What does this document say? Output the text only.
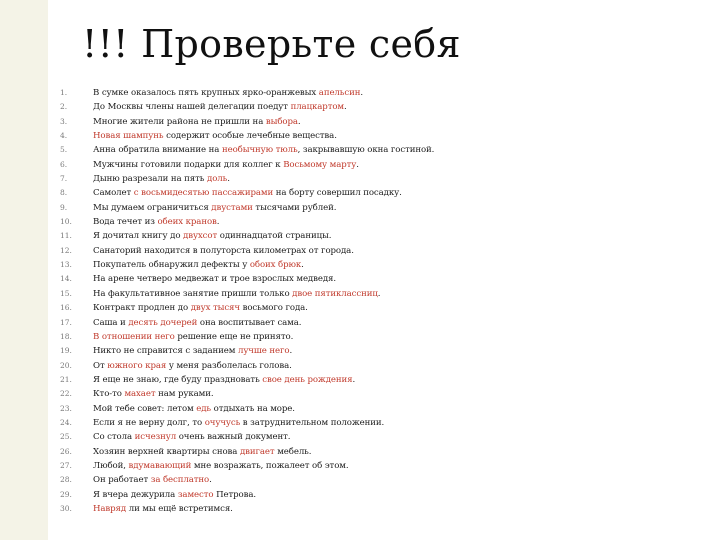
!!! Проверьте себя
1.	В сумке оказалось пять крупных ярко-оранжевых апельсин.
2.	До Москвы члены нашей делегации поедут плацкартом.
3.	Многие жители района не пришли на выборa.
4.	Новая шампунь содержит особые лечебные вещества.
5.	Анна обратила внимание на необычную тюль, закрывавшую окна гостиной.
6.	Мужчины готовили подарки для коллег к Восьмому марту.
7.	Дыню разрезали на пять доль.
8.	Самолет с восьмидесятью пассажирами на борту совершил посадку.
9.	Мы думаем ограничиться двустами тысячами рублей.
10.	Вода течет из обеих кранов.
11.	Я дочитал книгу до двухсот одиннадцатой страницы.
12.	Санаторий находится в полуторста километрах от города.
13.	Покупатель обнаружил дефекты у обоих брюк.
14.	На арене четверо медвежат и трое взрослых медведя.
15.	На факультативное занятие пришли только двое пятиклассниц.
16.	Контракт продлен до двух тысяч восьмого года.
17.	Саша и десять дочерей она воспитывает сама.
18.	В отношении него решение еще не принято.
19.	Никто не справится с заданием лучше него.
20.	От южного края у меня разболелась голова.
21.	Я еще не знаю, где буду праздновать свое день рождения.
22.	Кто-то махает нам руками.
23.	Мой тебе совет: летом едь отдыхать на море.
24.	Если я не верну долг, то очучусь в затруднительном положении.
25.	Со стола исчезнул очень важный документ.
26.	Хозяин верхней квартиры снова двигает мебель.
27.	Любой, вдумавающий мне возражать, пожалеет об этом.
28.	Он работает за бесплатно.
29.	Я вчера дежурила заместо Петрова.
30.	Навряд ли мы ещё встретимся.
